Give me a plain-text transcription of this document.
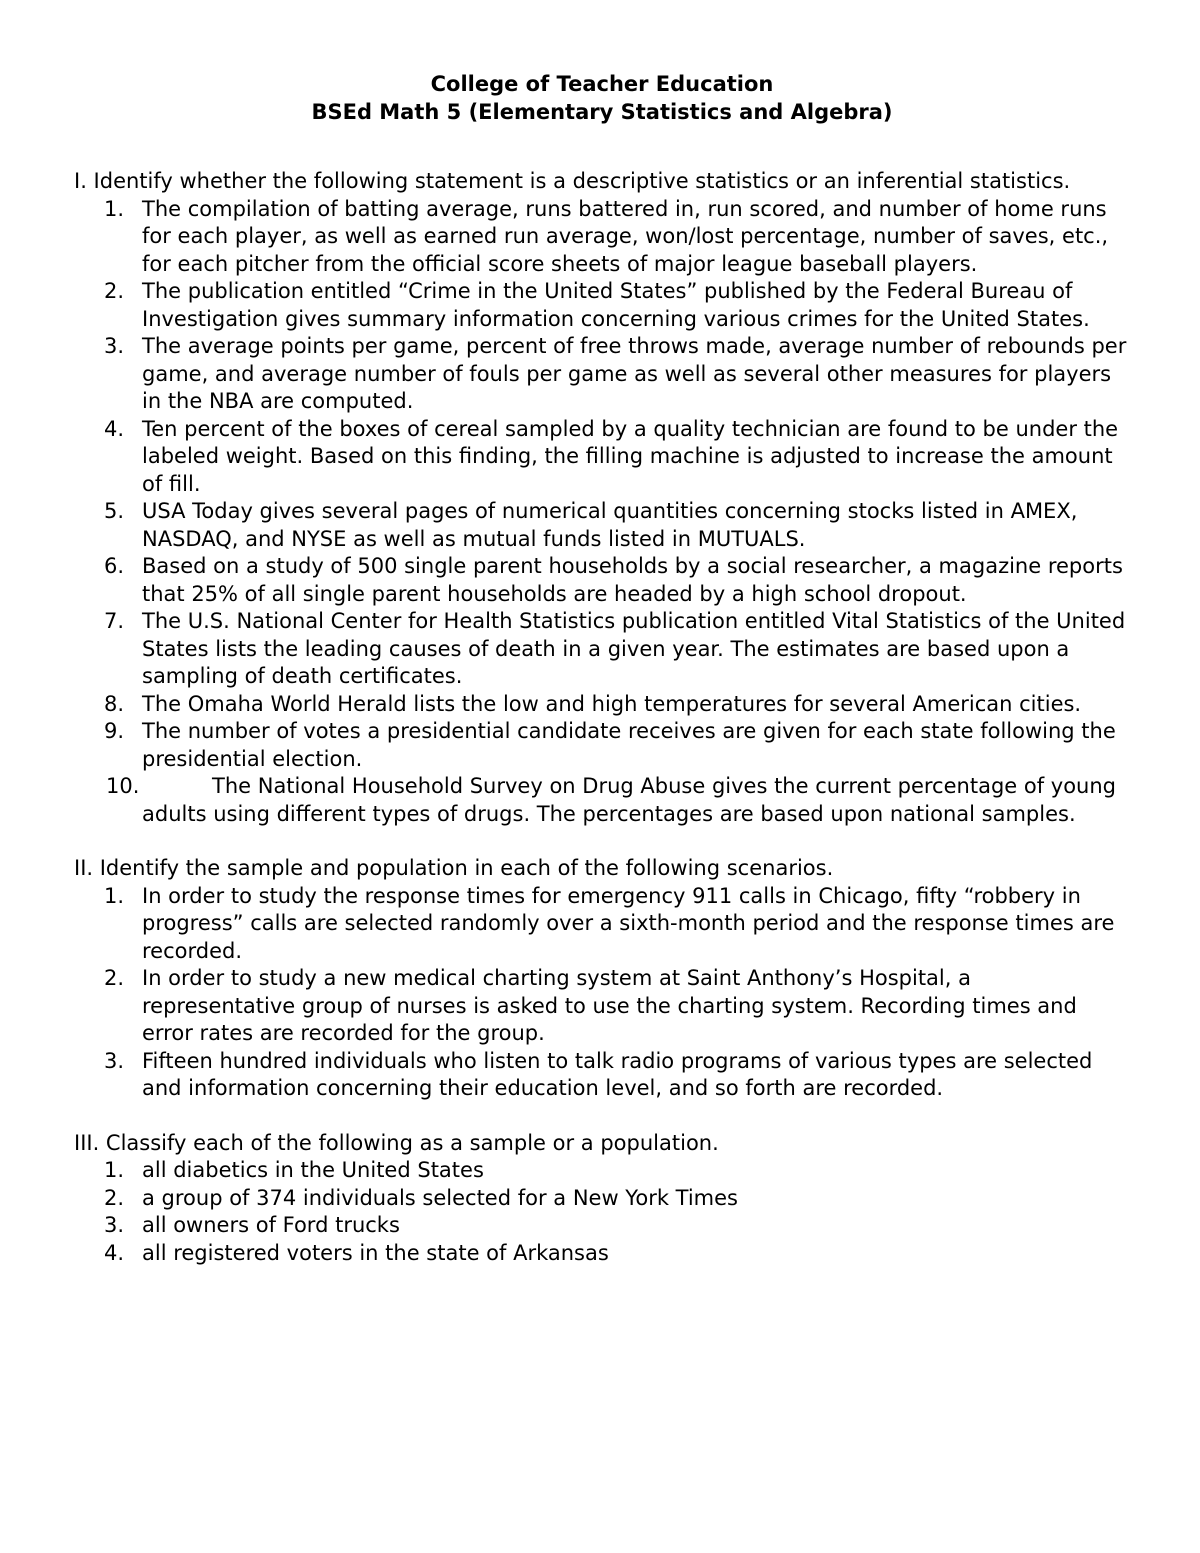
College of Teacher Education
BSEd Math 5 (Elementary Statistics and Algebra)
I. Identify whether the following statement is a descriptive statistics or an inferential statistics.
1. The compilation of batting average, runs battered in, run scored, and number of home runs for each player, as well as earned run average, won/lost percentage, number of saves, etc., for each pitcher from the official score sheets of major league baseball players.
2. The publication entitled “Crime in the United States” published by the Federal Bureau of Investigation gives summary information concerning various crimes for the United States.
3. The average points per game, percent of free throws made, average number of rebounds per game, and average number of fouls per game as well as several other measures for players in the NBA are computed.
4. Ten percent of the boxes of cereal sampled by a quality technician are found to be under the labeled weight. Based on this finding, the filling machine is adjusted to increase the amount of fill.
5. USA Today gives several pages of numerical quantities concerning stocks listed in AMEX, NASDAQ, and NYSE as well as mutual funds listed in MUTUALS.
6. Based on a study of 500 single parent households by a social researcher, a magazine reports that 25% of all single parent households are headed by a high school dropout.
7. The U.S. National Center for Health Statistics publication entitled Vital Statistics of the United States lists the leading causes of death in a given year. The estimates are based upon a sampling of death certificates.
8. The Omaha World Herald lists the low and high temperatures for several American cities.
9. The number of votes a presidential candidate receives are given for each state following the presidential election.
10.	The National Household Survey on Drug Abuse gives the current percentage of young adults using different types of drugs. The percentages are based upon national samples.
II. Identify the sample and population in each of the following scenarios.
1. In order to study the response times for emergency 911 calls in Chicago, fifty “robbery in progress” calls are selected randomly over a sixth-month period and the response times are recorded.
2. In order to study a new medical charting system at Saint Anthony’s Hospital, a representative group of nurses is asked to use the charting system. Recording times and error rates are recorded for the group.
3. Fifteen hundred individuals who listen to talk radio programs of various types are selected and information concerning their education level, and so forth are recorded.
III. Classify each of the following as a sample or a population.
1. all diabetics in the United States
2. a group of 374 individuals selected for a New York Times
3. all owners of Ford trucks
4. all registered voters in the state of Arkansas
